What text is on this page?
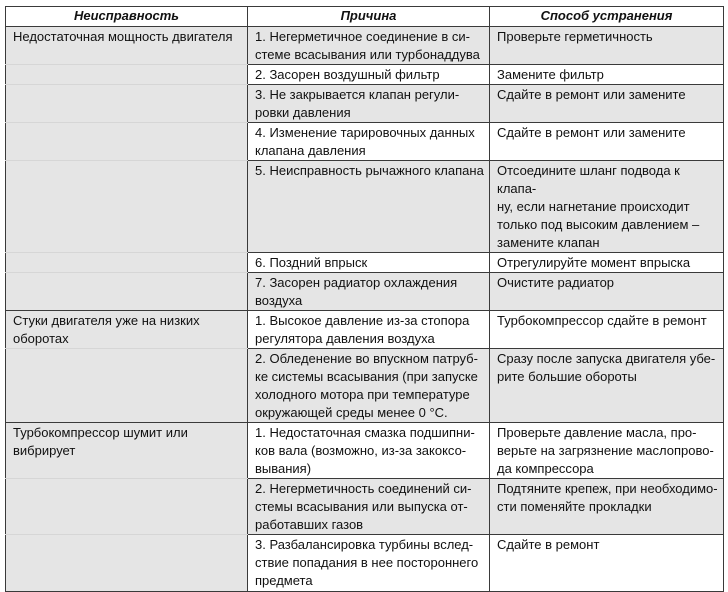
Неисправность	Причина	Способ устранения

Недостаточная мощность двигателя	1. Негерметичное соединение в си-
стеме всасывания или турбонаддува	Проверьте герметичность

	2. Засорен воздушный фильтр	Замените фильтр

	3. Не закрывается клапан регули-
ровки давления	Сдайте в ремонт или замените

	4. Изменение тарировочных данных
клапана давления	Сдайте в ремонт или замените

	5. Неисправность рычажного клапана	Отсоедините шланг подвода к клапа-
ну, если нагнетание происходит
только под высоким давлением –
замените клапан

	6. Поздний впрыск	Отрегулируйте момент впрыска

	7. Засорен радиатор охлаждения
воздуха	Очистите радиатор

Стуки двигателя уже на низких
оборотах	1. Высокое давление из-за стопора
регулятора давления воздуха	Турбокомпрессор сдайте в ремонт

	2. Обледенение во впускном патруб-
ке системы всасывания (при запуске
холодного мотора при температуре
окружающей среды менее 0 °С.	Сразу после запуска двигателя убе-
рите большие обороты

Турбокомпрессор шумит или
вибрирует	1. Недостаточная смазка подшипни-
ков вала (возможно, из-за закоксо-
вывания)	Проверьте давление масла, про-
верьте на загрязнение маслопрово-
да компрессора

	2. Негерметичность соединений си-
стемы всасывания или выпуска от-
работавших газов	Подтяните крепеж, при необходимо-
сти поменяйте прокладки

	3. Разбалансировка турбины вслед-
ствие попадания в нее постороннего
предмета	Сдайте в ремонт
